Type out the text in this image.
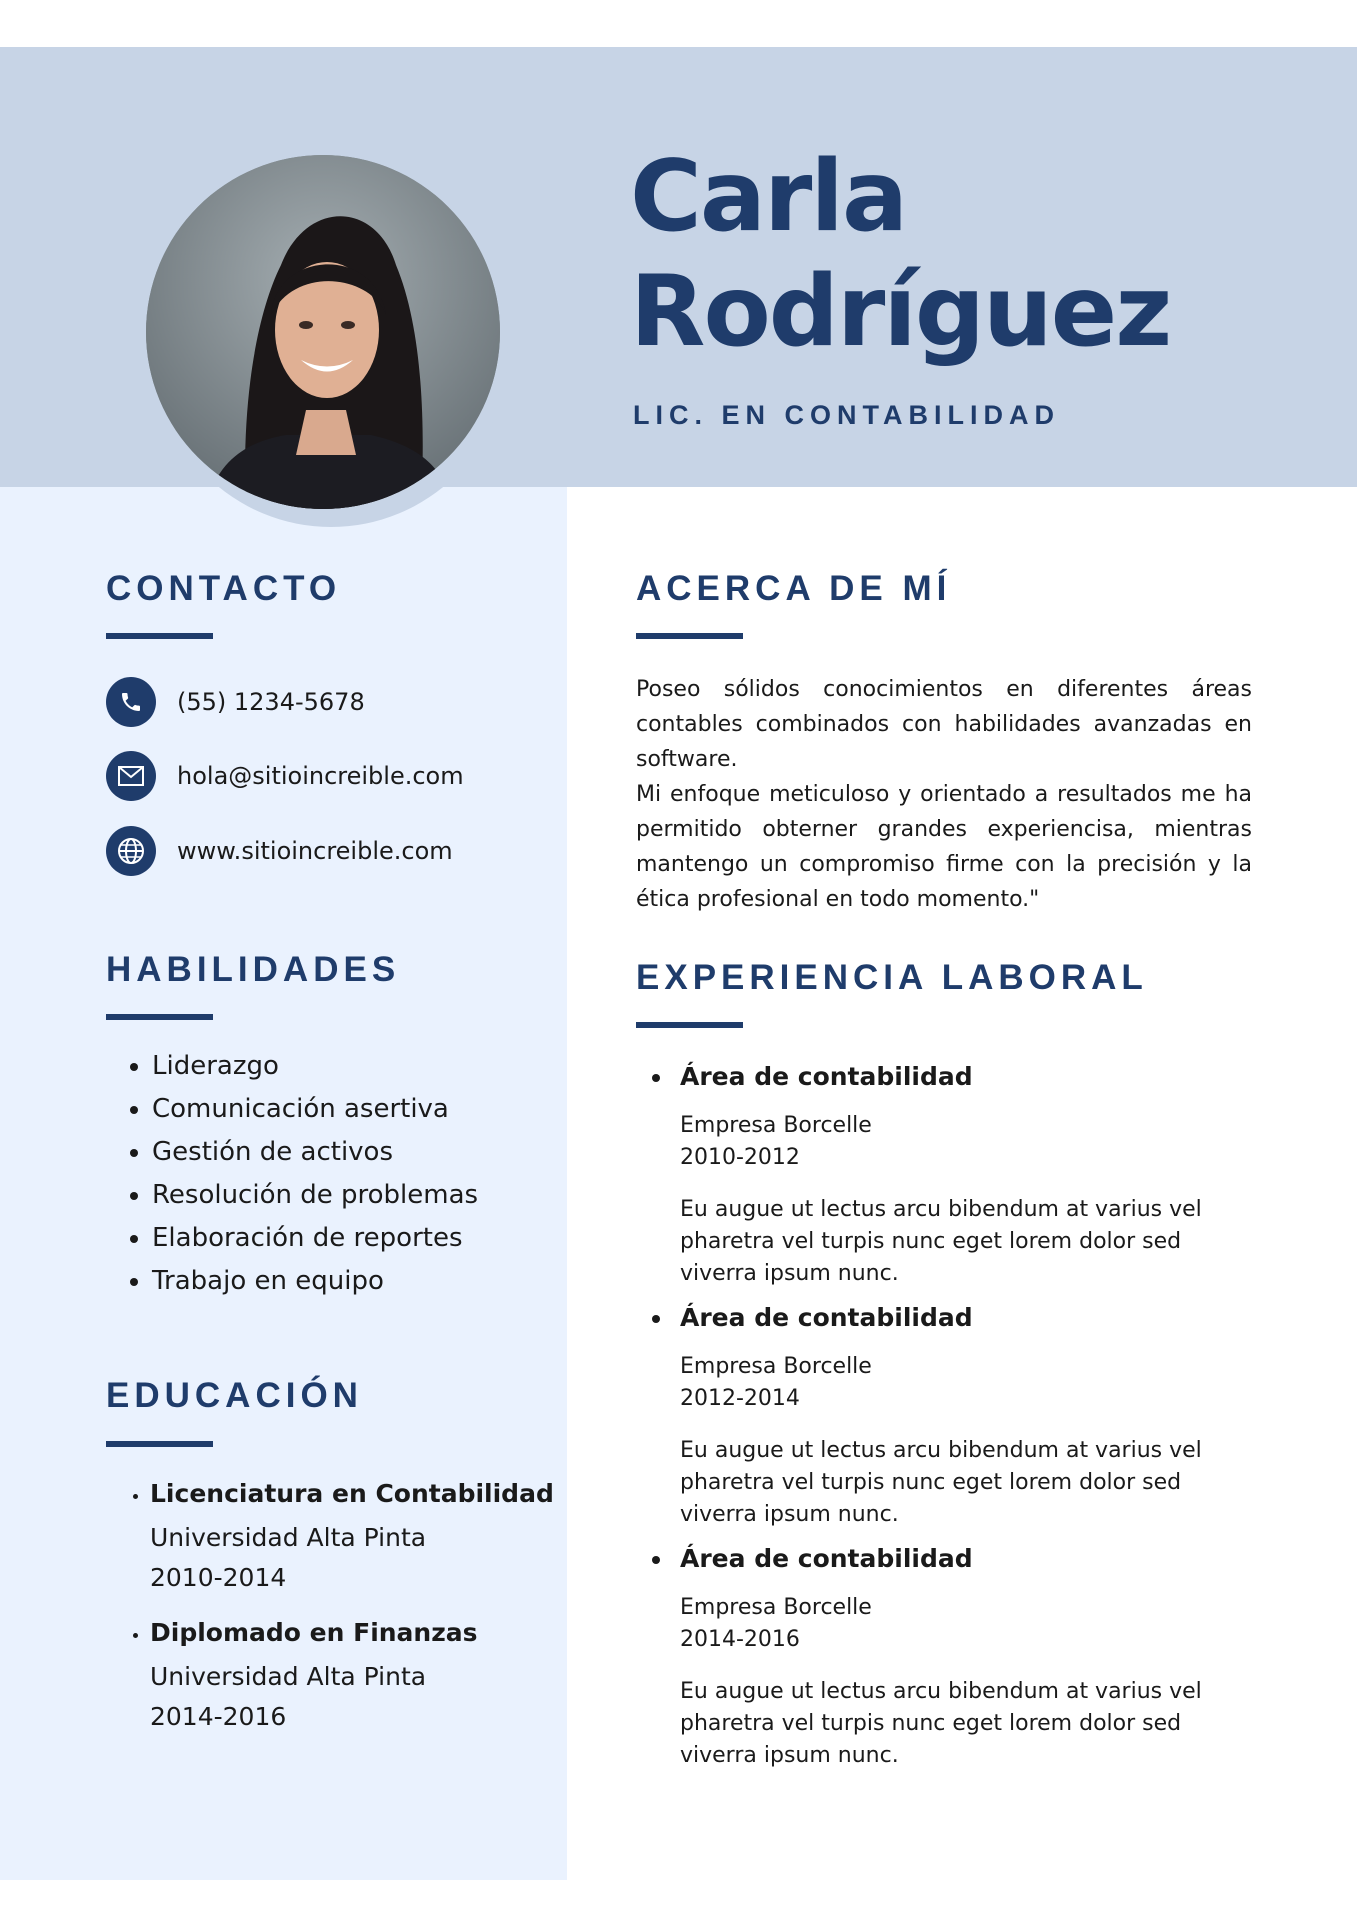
Carla
Rodríguez

LIC. EN CONTABILIDAD

CONTACTO
(55) 1234-5678
hola@sitioincreible.com
www.sitioincreible.com
HABILIDADES
• Liderazgo
• Comunicación asertiva
• Gestión de activos
• Resolución de problemas
• Elaboración de reportes
• Trabajo en equipo
EDUCACIÓN
• Licenciatura en Contabilidad
Universidad Alta Pinta
2010-2014
• Diplomado en Finanzas
Universidad Alta Pinta
2014-2016
ACERCA DE MÍ

Poseo sólidos conocimientos en diferentes áreas contables combinados con habilidades avanzadas en software.
Mi enfoque meticuloso y orientado a resultados me ha permitido obterner grandes experiencisa, mientras mantengo un compromiso firme con la precisión y la ética profesional en todo momento."

EXPERIENCIA LABORAL
Área de contabilidad
Empresa Borcelle
2010-2012
Eu augue ut lectus arcu bibendum at varius vel pharetra vel turpis nunc eget lorem dolor sed viverra ipsum nunc.
Área de contabilidad
Empresa Borcelle
2012-2014
Eu augue ut lectus arcu bibendum at varius vel pharetra vel turpis nunc eget lorem dolor sed viverra ipsum nunc.
Área de contabilidad
Empresa Borcelle
2014-2016
Eu augue ut lectus arcu bibendum at varius vel pharetra vel turpis nunc eget lorem dolor sed viverra ipsum nunc.
